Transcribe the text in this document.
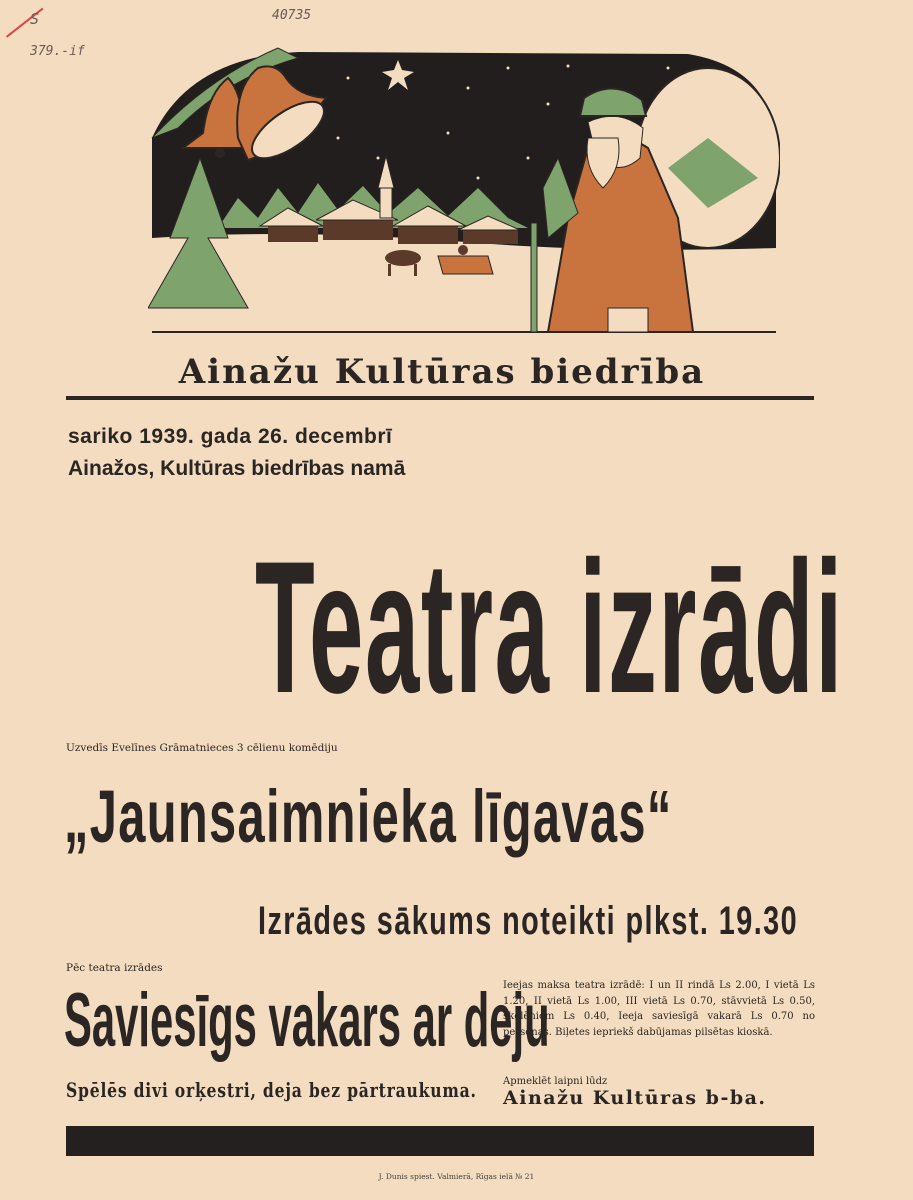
S
379.-if
40735
Ainažu Kultūras biedrība
sariko 1939. gada 26. decembrī
Ainažos, Kultūras biedrības namā
Teatra izrādi
Uzvedīs Evelīnes Grāmatnieces 3 cēlienu komēdiju
„Jaunsaimnieka līgavas“
Izrādes sākums noteikti plkst. 19.30
Pēc teatra izrādes
Saviesīgs vakars ar deju
Spēlēs divi orķestri, deja bez pārtraukuma.
Ieejas maksa teatra izrādē: I un II rindā Ls 2.00, I vietā Ls 1.20, II vietā Ls 1.00, III vietā Ls 0.70, stāvvietā Ls 0.50, skolēniem Ls 0.40, Ieeja saviesīgā vakarā Ls 0.70 no personas. Biļetes iepriekš dabūjamas pilsētas kioskā.
Apmeklēt laipni lūdz
Ainažu Kultūras b-ba.
J. Dunis spiest. Valmierā, Rīgas ielā № 21
